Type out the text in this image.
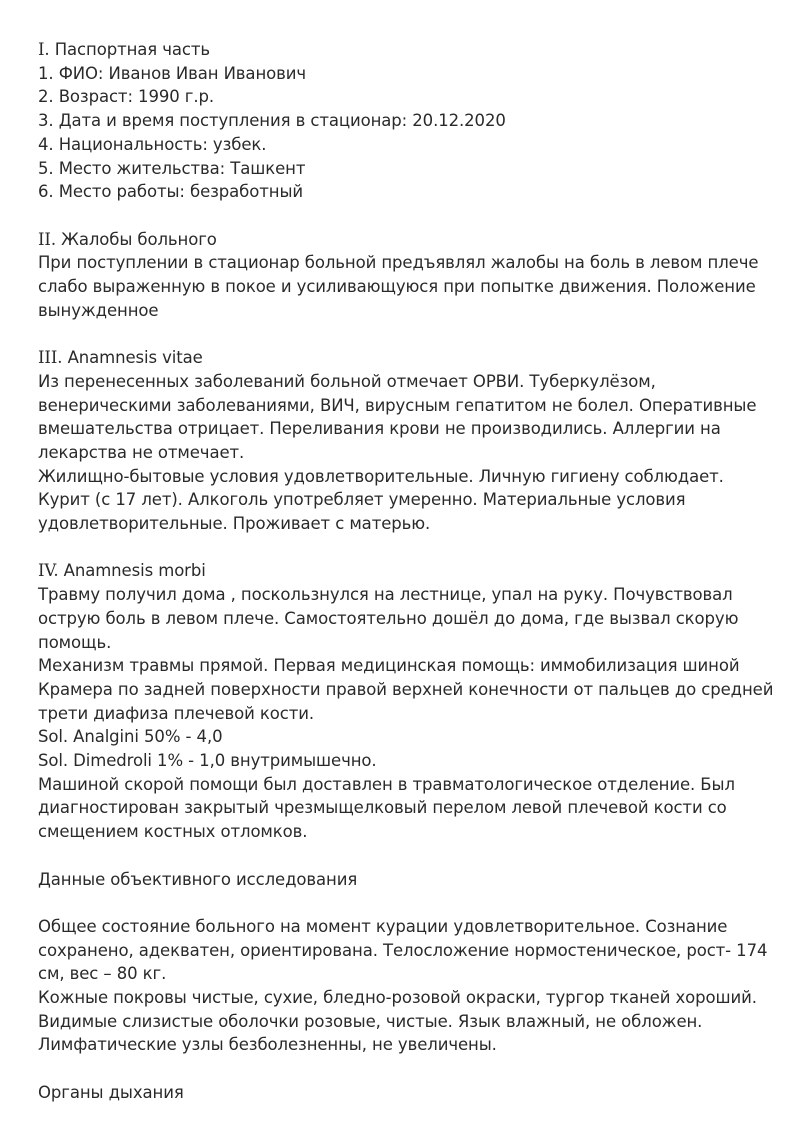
I. Паспортная часть
1. ФИО: Иванов Иван Иванович
2. Возраст: 1990 г.р.
3. Дата и время поступления в стационар: 20.12.2020
4. Национальность: узбек.
5. Место жительства: Ташкент
6. Место работы: безработный
II. Жалобы больного
При поступлении в стационар больной предъявлял жалобы на боль в левом плече
слабо выраженную в покое и усиливающуюся при попытке движения. Положение
вынужденное
III. Anamnesis vitae
Из перенесенных заболеваний больной отмечает ОРВИ. Туберкулёзом,
венерическими заболеваниями, ВИЧ, вирусным гепатитом не болел. Оперативные
вмешательства отрицает. Переливания крови не производились. Аллергии на
лекарства не отмечает.
Жилищно-бытовые условия удовлетворительные. Личную гигиену соблюдает.
Курит (с 17 лет). Алкоголь употребляет умеренно. Материальные условия
удовлетворительные. Проживает с матерью.
IV. Anamnesis morbi
Травму получил дома , поскользнулся на лестнице, упал на руку. Почувствовал
острую боль в левом плече. Самостоятельно дошёл до дома, где вызвал скорую
помощь.
Механизм травмы прямой. Первая медицинская помощь: иммобилизация шиной
Крамера по задней поверхности правой верхней конечности от пальцев до средней
трети диафиза плечевой кости.
Sol. Analgini 50% - 4,0
Sol. Dimedroli 1% - 1,0 внутримышечно.
Машиной скорой помощи был доставлен в травматологическое отделение. Был
диагностирован закрытый чрезмыщелковый перелом левой плечевой кости со
смещением костных отломков.
Данные объективного исследования
Общее состояние больного на момент курации удовлетворительное. Сознание
сохранено, адекватен, ориентирована. Телосложение нормостеническое, рост- 174
см, вес – 80 кг.
Кожные покровы чистые, сухие, бледно-розовой окраски, тургор тканей хороший.
Видимые слизистые оболочки розовые, чистые. Язык влажный, не обложен.
Лимфатические узлы безболезненны, не увеличены.
Органы дыхания
